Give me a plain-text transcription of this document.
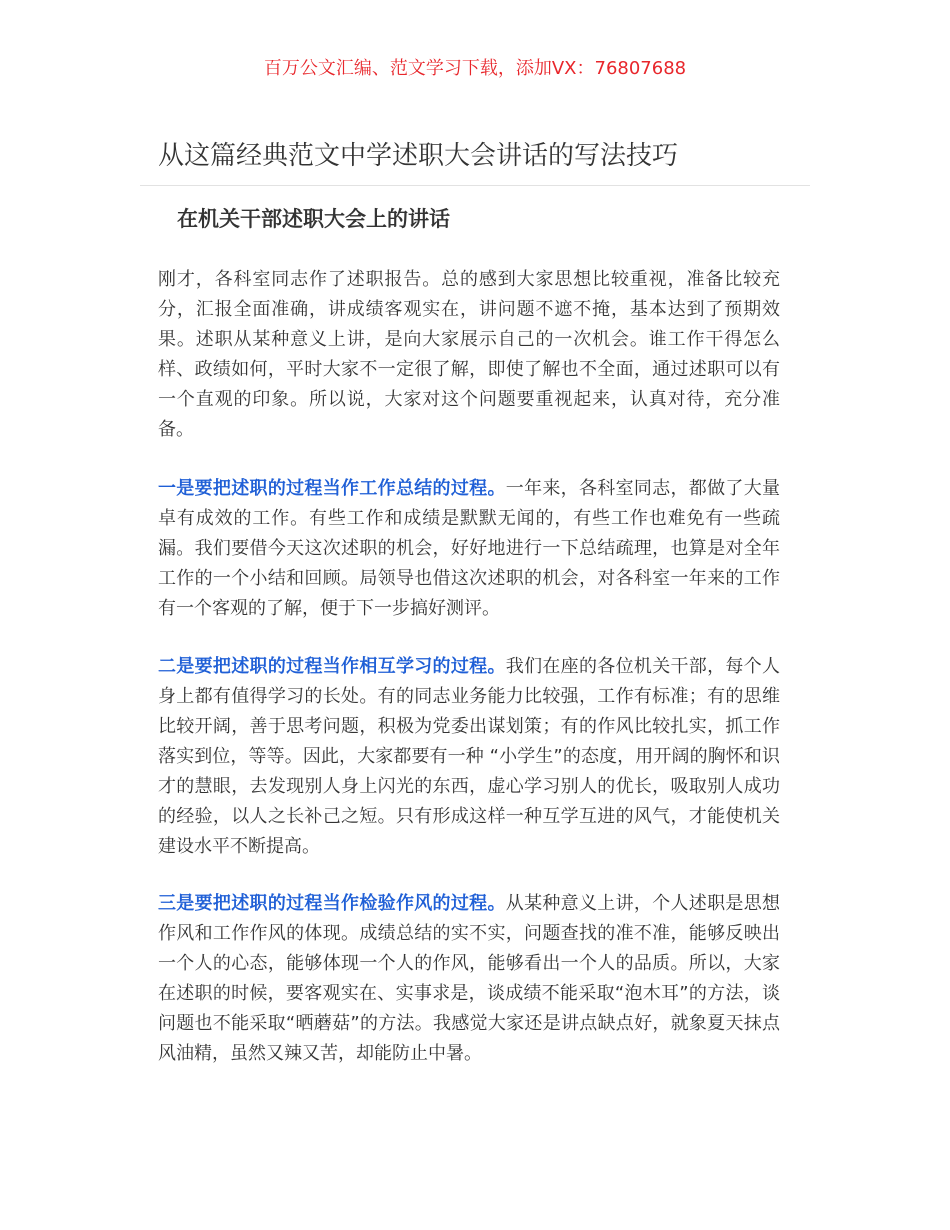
百万公文汇编、范文学习下载，添加VX：76807688
从这篇经典范文中学述职大会讲话的写法技巧
在机关干部述职大会上的讲话

刚才，各科室同志作了述职报告。总的感到大家思想比较重视，准备比较充分，汇报全面准确，讲成绩客观实在，讲问题不遮不掩，基本达到了预期效果。述职从某种意义上讲，是向大家展示自己的一次机会。谁工作干得怎么样、政绩如何，平时大家不一定很了解，即使了解也不全面，通过述职可以有一个直观的印象。所以说，大家对这个问题要重视起来，认真对待，充分准备。

一是要把述职的过程当作工作总结的过程。一年来，各科室同志，都做了大量卓有成效的工作。有些工作和成绩是默默无闻的，有些工作也难免有一些疏漏。我们要借今天这次述职的机会，好好地进行一下总结疏理，也算是对全年工作的一个小结和回顾。局领导也借这次述职的机会，对各科室一年来的工作有一个客观的了解，便于下一步搞好测评。

二是要把述职的过程当作相互学习的过程。我们在座的各位机关干部，每个人身上都有值得学习的长处。有的同志业务能力比较强，工作有标准；有的思维比较开阔，善于思考问题，积极为党委出谋划策；有的作风比较扎实，抓工作落实到位，等等。因此，大家都要有一种 “小学生”的态度，用开阔的胸怀和识才的慧眼，去发现别人身上闪光的东西，虚心学习别人的优长，吸取别人成功的经验，以人之长补己之短。只有形成这样一种互学互进的风气，才能使机关建设水平不断提高。

三是要把述职的过程当作检验作风的过程。从某种意义上讲，个人述职是思想作风和工作作风的体现。成绩总结的实不实，问题查找的准不准，能够反映出一个人的心态，能够体现一个人的作风，能够看出一个人的品质。所以，大家在述职的时候，要客观实在、实事求是，谈成绩不能采取“泡木耳”的方法，谈问题也不能采取“晒蘑菇”的方法。我感觉大家还是讲点缺点好，就象夏天抹点风油精，虽然又辣又苦，却能防止中暑。
